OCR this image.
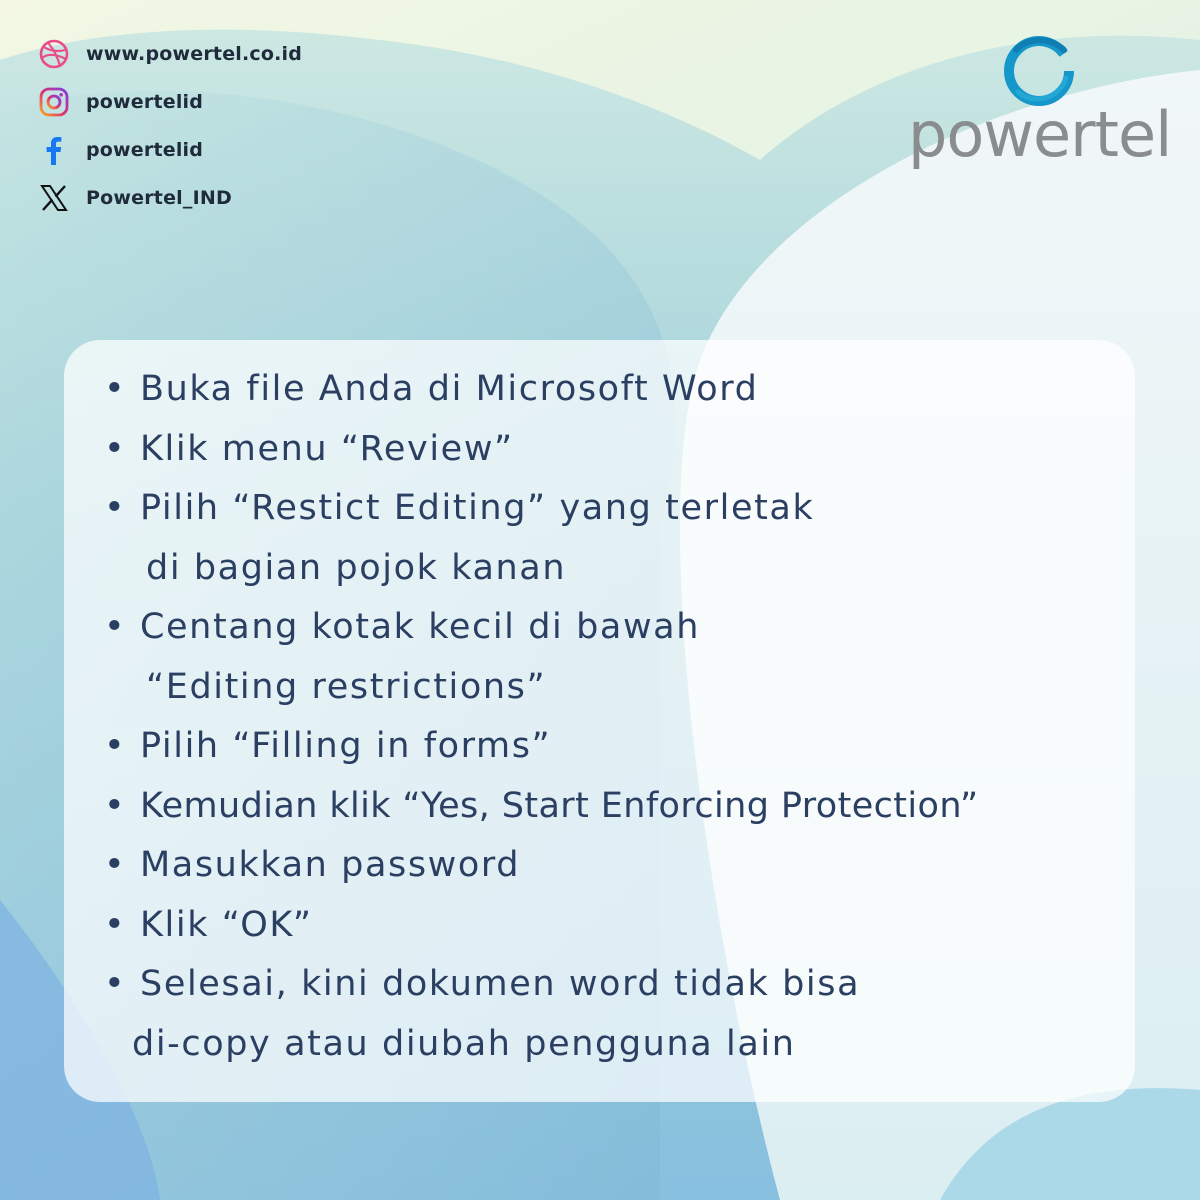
www.powertel.co.id
powertelid
powertelid
Powertel_IND
powertel
• Buka file Anda di Microsoft Word
• Klik menu “Review”
• Pilih “Restict Editing” yang terletak
di bagian pojok kanan
• Centang kotak kecil di bawah
“Editing restrictions”
• Pilih “Filling in forms”
• Kemudian klik “Yes, Start Enforcing Protection”
• Masukkan password
• Klik “OK”
• Selesai, kini dokumen word tidak bisa
di-copy atau diubah pengguna lain
